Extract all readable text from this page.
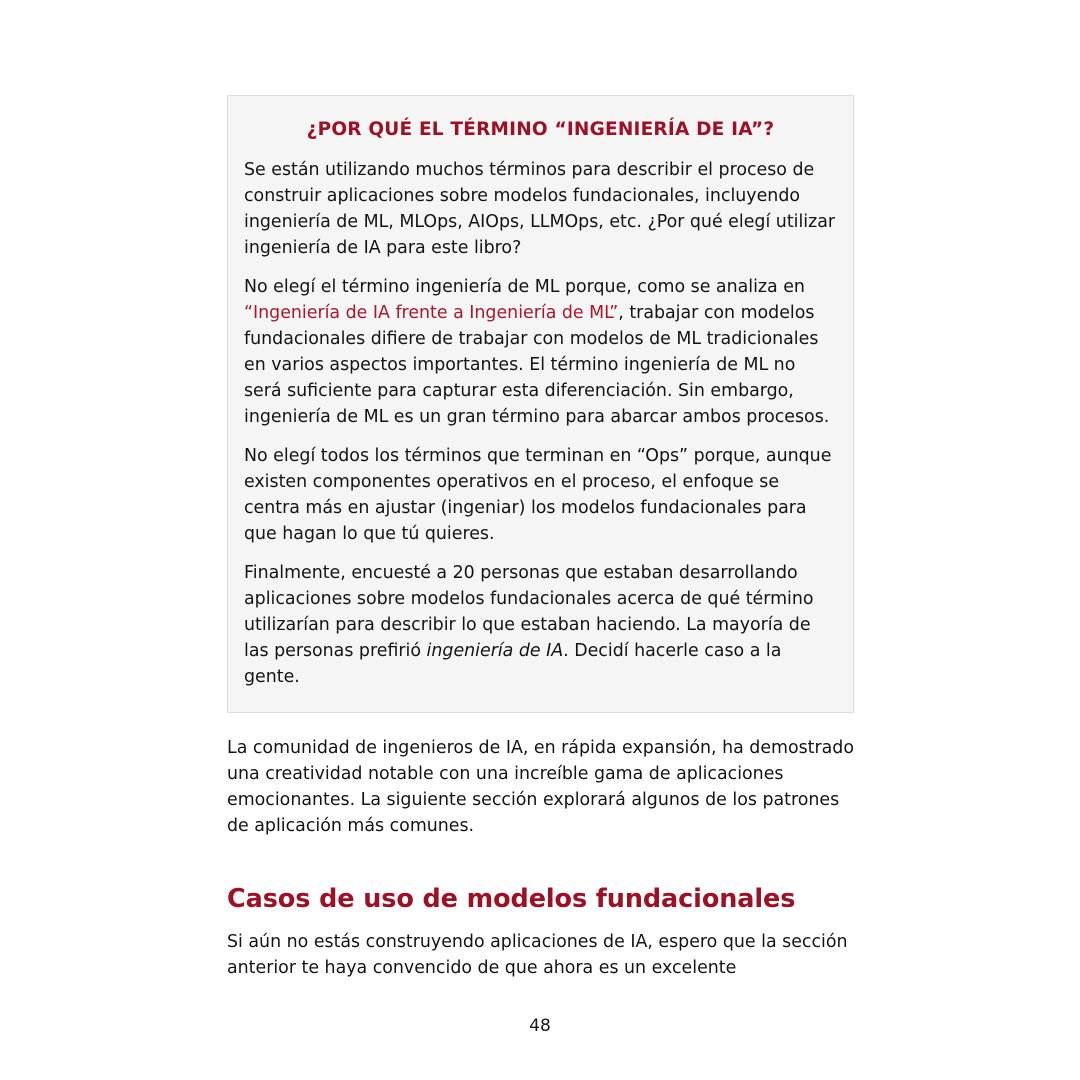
¿POR QUÉ EL TÉRMINO “INGENIERÍA DE IA”?

Se están utilizando muchos términos para describir el proceso de construir aplicaciones sobre modelos fundacionales, incluyendo ingeniería de ML, MLOps, AIOps, LLMOps, etc. ¿Por qué elegí utilizar ingeniería de IA para este libro?

No elegí el término ingeniería de ML porque, como se analiza en “Ingeniería de IA frente a Ingeniería de ML”, trabajar con modelos fundacionales difiere de trabajar con modelos de ML tradicionales en varios aspectos importantes. El término ingeniería de ML no será suficiente para capturar esta diferenciación. Sin embargo, ingeniería de ML es un gran término para abarcar ambos procesos.

No elegí todos los términos que terminan en “Ops” porque, aunque existen componentes operativos en el proceso, el enfoque se centra más en ajustar (ingeniar) los modelos fundacionales para que hagan lo que tú quieres.

Finalmente, encuesté a 20 personas que estaban desarrollando aplicaciones sobre modelos fundacionales acerca de qué término utilizarían para describir lo que estaban haciendo. La mayoría de las personas prefirió ingeniería de IA. Decidí hacerle caso a la gente.

La comunidad de ingenieros de IA, en rápida expansión, ha demostrado una creatividad notable con una increíble gama de aplicaciones emocionantes. La siguiente sección explorará algunos de los patrones de aplicación más comunes.

Casos de uso de modelos fundacionales

Si aún no estás construyendo aplicaciones de IA, espero que la sección anterior te haya convencido de que ahora es un excelente

48
